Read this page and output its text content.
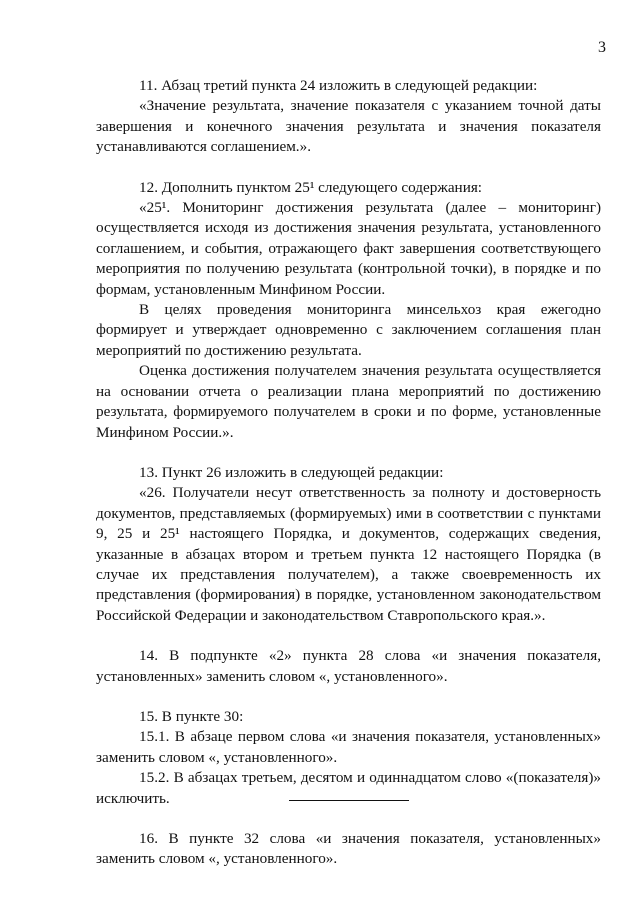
3

11. Абзац третий пункта 24 изложить в следующей редакции:

«Значение результата, значение показателя с указанием точной даты завершения и конечного значения результата и значения показателя устанавливаются соглашением.».

12. Дополнить пунктом 25¹ следующего содержания:

«25¹. Мониторинг достижения результата (далее – мониторинг) осуществляется исходя из достижения значения результата, установленного соглашением, и события, отражающего факт завершения соответствующего мероприятия по получению результата (контрольной точки), в порядке и по формам, установленным Минфином России.

В целях проведения мониторинга минсельхоз края ежегодно формирует и утверждает одновременно с заключением соглашения план мероприятий по достижению результата.

Оценка достижения получателем значения результата осуществляется на основании отчета о реализации плана мероприятий по достижению результата, формируемого получателем в сроки и по форме, установленные Минфином России.».

13. Пункт 26 изложить в следующей редакции:

«26. Получатели несут ответственность за полноту и достоверность документов, представляемых (формируемых) ими в соответствии с пунктами 9, 25 и 25¹ настоящего Порядка, и документов, содержащих сведения, указанные в абзацах втором и третьем пункта 12 настоящего Порядка (в случае их представления получателем), а также своевременность их представления (формирования) в порядке, установленном законодательством Российской Федерации и законодательством Ставропольского края.».

14. В подпункте «2» пункта 28 слова «и значения показателя, установленных» заменить словом «, установленного».

15. В пункте 30:

15.1. В абзаце первом слова «и значения показателя, установленных» заменить словом «, установленного».

15.2. В абзацах третьем, десятом и одиннадцатом слово «(показателя)» исключить.

16. В пункте 32 слова «и значения показателя, установленных» заменить словом «, установленного».
